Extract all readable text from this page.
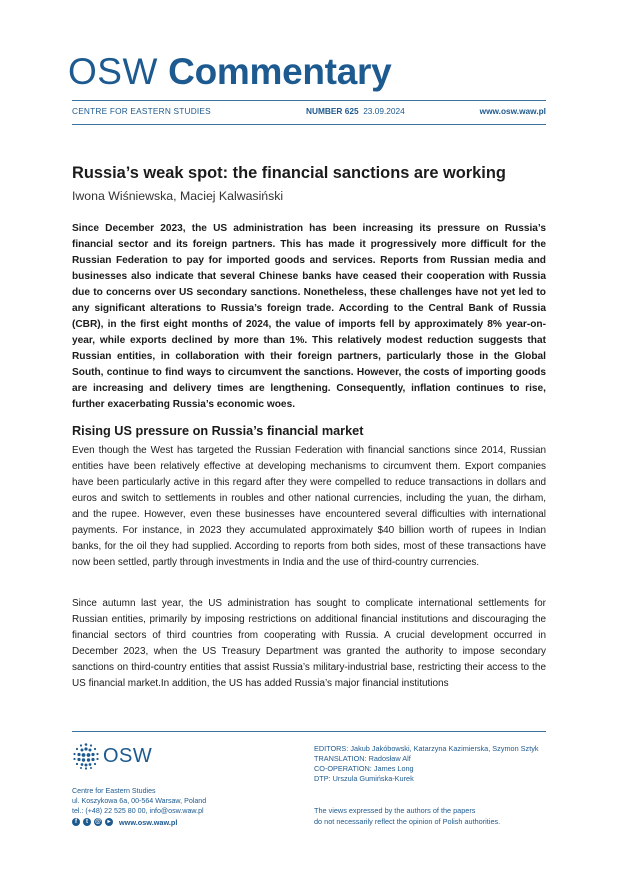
OSW Commentary
CENTRE FOR EASTERN STUDIES	NUMBER 625 23.09.2024	www.osw.waw.pl
Russia’s weak spot: the financial sanctions are working
Iwona Wiśniewska, Maciej Kalwasiński
Since December 2023, the US administration has been increasing its pressure on Russia’s financial sector and its foreign partners. This has made it progressively more difficult for the Russian Federation to pay for imported goods and services. Reports from Russian media and businesses also indicate that several Chinese banks have ceased their cooperation with Russia due to concerns over US secondary sanctions. Nonetheless, these challenges have not yet led to any significant alterations to Russia’s foreign trade. According to the Central Bank of Russia (CBR), in the first eight months of 2024, the value of imports fell by approximately 8% year-on-year, while exports declined by more than 1%. This relatively modest reduction suggests that Russian entities, in collaboration with their foreign partners, particularly those in the Global South, continue to find ways to circumvent the sanctions. However, the costs of importing goods are increasing and delivery times are lengthening. Consequently, inflation continues to rise, further exacerbating Russia’s economic woes.
Rising US pressure on Russia’s financial market
Even though the West has targeted the Russian Federation with financial sanctions since 2014, Russian entities have been relatively effective at developing mechanisms to circumvent them. Export companies have been particularly active in this regard after they were compelled to reduce transactions in dollars and euros and switch to settlements in roubles and other national currencies, including the yuan, the dirham, and the rupee. However, even these businesses have encountered several difficulties with international payments. For instance, in 2023 they accumulated approximately $40 billion worth of rupees in Indian banks, for the oil they had supplied. According to reports from both sides, most of these transactions have now been settled, partly through investments in India and the use of third-country currencies.
Since autumn last year, the US administration has sought to complicate international settlements for Russian entities, primarily by imposing restrictions on additional financial institutions and discouraging the financial sectors of third countries from cooperating with Russia. A crucial development occurred in December 2023, when the US Treasury Department was granted the authority to impose secondary sanctions on third-country entities that assist Russia’s military-industrial base, restricting their access to the US financial market.In addition, the US has added Russia’s major financial institutions
OSW
Centre for Eastern Studies
ul. Koszykowa 6a, 00-564 Warsaw, Poland
tel.: (+48) 22 525 80 00, info@osw.waw.pl
f	t	@	▸	www.osw.waw.pl
EDITORS: Jakub Jakóbowski, Katarzyna Kazimierska, Szymon Sztyk
TRANSLATION: Radosław Alf
CO-OPERATION: James Long
DTP: Urszula Gumińska-Kurek
The views expressed by the authors of the papers
do not necessarily reflect the opinion of Polish authorities.
